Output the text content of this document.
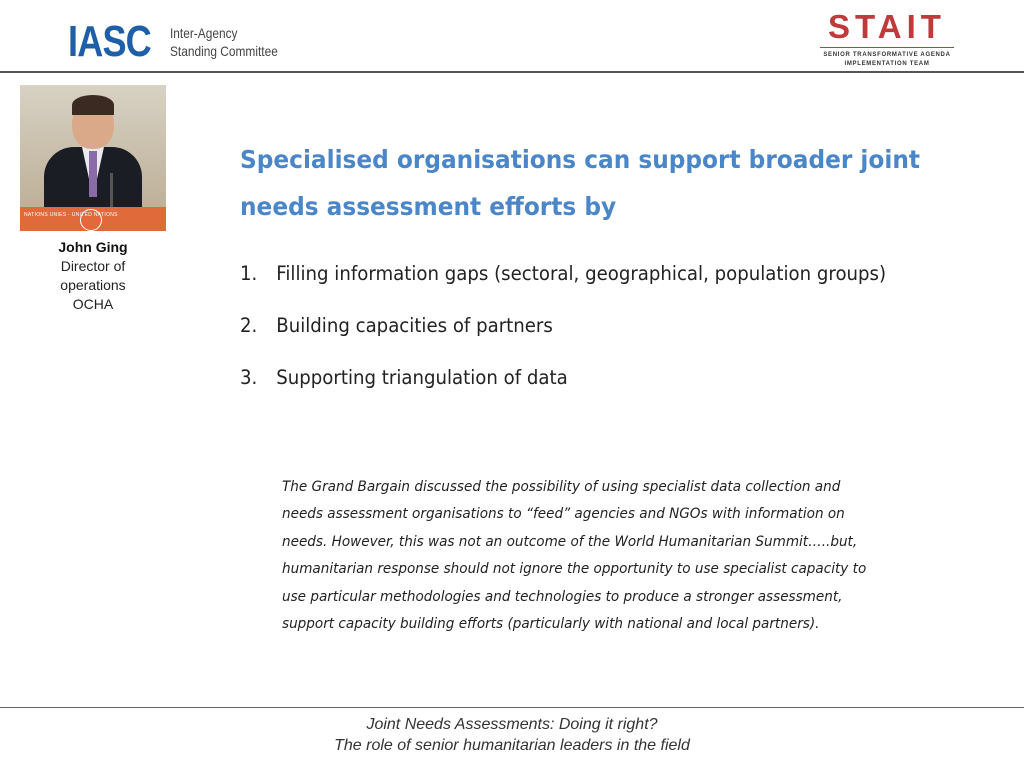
IASC Inter-Agency
Standing Committee
STAIT
SENIOR TRANSFORMATIVE AGENDA
IMPLEMENTATION TEAM
NATIONS UNIES · UNITED NATIONS
John Ging
Director of
operations
OCHA
Specialised organisations can support broader joint
needs assessment efforts by
1. Filling information gaps (sectoral, geographical, population groups)
2. Building capacities of partners
3. Supporting triangulation of data
The Grand Bargain discussed the possibility of using specialist data collection and
needs assessment organisations to “feed” agencies and NGOs with information on
needs. However, this was not an outcome of the World Humanitarian Summit…..but,
humanitarian response should not ignore the opportunity to use specialist capacity to
use particular methodologies and technologies to produce a stronger assessment,
support capacity building efforts (particularly with national and local partners).
Joint Needs Assessments: Doing it right?
The role of senior humanitarian leaders in the field
